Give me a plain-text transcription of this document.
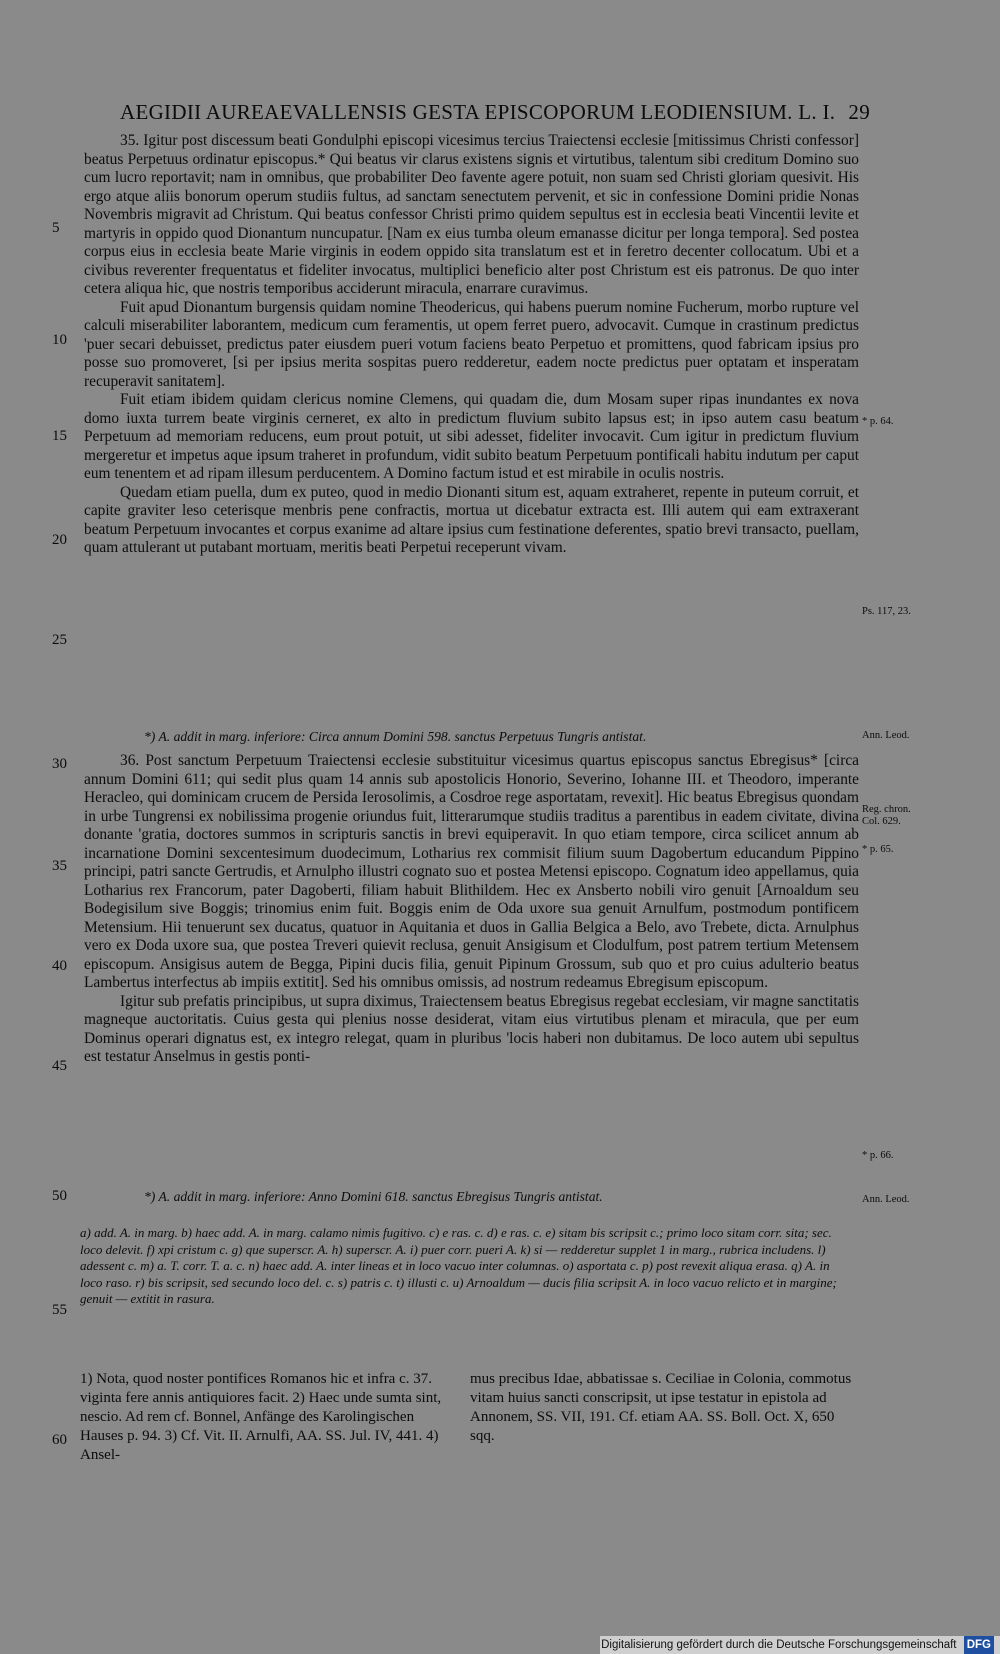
AEGIDII AUREAEVALLENSIS GESTA EPISCOPORUM LEODIENSIUM. L. I. 29

35. Igitur post discessum beati Gondulphi episcopi vicesimus tercius Traiectensi ecclesie [mitissimus Christi confessor] beatus Perpetuus ordinatur episcopus.* Qui beatus vir clarus existens signis et virtutibus, talentum sibi creditum Domino suo cum lucro reportavit; nam in omnibus, que probabiliter Deo favente agere potuit, non suam sed Christi gloriam quesivit. His ergo atque aliis bonorum operum studiis fultus, ad sanctam senectutem pervenit, et sic in confessione Domini pridie Nonas Novembris migravit ad Christum. Qui beatus confessor Christi primo quidem sepultus est in ecclesia beati Vincentii levite et martyris in oppido quod Dionantum nuncupatur. [Nam ex eius tumba oleum emanasse dicitur per longa tempora]. Sed postea corpus eius in ecclesia beate Marie virginis in eodem oppido sita translatum est et in feretro decenter collocatum. Ubi et a civibus reverenter frequentatus et fideliter invocatus, multiplici beneficio alter post Christum est eis patronus. De quo inter cetera aliqua hic, que nostris temporibus acciderunt miracula, enarrare curavimus.

Fuit apud Dionantum burgensis quidam nomine Theodericus, qui habens puerum nomine Fucherum, morbo rupture vel calculi miserabiliter laborantem, medicum cum feramentis, ut opem ferret puero, advocavit. Cumque in crastinum predictus 'puer secari debuisset, predictus pater eiusdem pueri votum faciens beato Perpetuo et promittens, quod fabricam ipsius pro posse suo promoveret, [si per ipsius merita sospitas puero redderetur, eadem nocte predictus puer optatam et insperatam recuperavit sanitatem].

Fuit etiam ibidem quidam clericus nomine Clemens, qui quadam die, dum Mosam super ripas inundantes ex nova domo iuxta turrem beate virginis cerneret, ex alto in predictum fluvium subito lapsus est; in ipso autem casu beatum Perpetuum ad memoriam reducens, eum prout potuit, ut sibi adesset, fideliter invocavit. Cum igitur in predictum fluvium mergeretur et impetus aque ipsum traheret in profundum, vidit subito beatum Perpetuum pontificali habitu indutum per caput eum tenentem et ad ripam illesum perducentem. A Domino factum istud et est mirabile in oculis nostris.

Quedam etiam puella, dum ex puteo, quod in medio Dionanti situm est, aquam extraheret, repente in puteum corruit, et capite graviter leso ceterisque menbris pene confractis, mortua ut dicebatur extracta est. Illi autem qui eam extraxerant beatum Perpetuum invocantes et corpus exanime ad altare ipsius cum festinatione deferentes, spatio brevi transacto, puellam, quam attulerant ut putabant mortuam, meritis beati Perpetui receperunt vivam.

*) A. addit in marg. inferiore: Circa annum Domini 598. sanctus Perpetuus Tungris antistat.

36. Post sanctum Perpetuum Traiectensi ecclesie substituitur vicesimus quartus episcopus sanctus Ebregisus* [circa annum Domini 611; qui sedit plus quam 14 annis sub apostolicis Honorio, Severino, Iohanne III. et Theodoro, imperante Heracleo, qui dominicam crucem de Persida Ierosolimis, a Cosdroe rege asportatam, revexit]. Hic beatus Ebregisus quondam in urbe Tungrensi ex nobilissima progenie oriundus fuit, litterarumque studiis traditus a parentibus in eadem civitate, divina donante 'gratia, doctores summos in scripturis sanctis in brevi equiperavit. In quo etiam tempore, circa scilicet annum ab incarnatione Domini sexcentesimum duodecimum, Lotharius rex commisit filium suum Dagobertum educandum Pippino principi, patri sancte Gertrudis, et Arnulpho illustri cognato suo et postea Metensi episcopo. Cognatum ideo appellamus, quia Lotharius rex Francorum, pater Dagoberti, filiam habuit Blithildem. Hec ex Ansberto nobili viro genuit [Arnoaldum seu Bodegisilum sive Boggis; trinomius enim fuit. Boggis enim de Oda uxore sua genuit Arnulfum, postmodum pontificem Metensium. Hii tenuerunt sex ducatus, quatuor in Aquitania et duos in Gallia Belgica a Belo, avo Trebete, dicta. Arnulphus vero ex Doda uxore sua, que postea Treveri quievit reclusa, genuit Ansigisum et Clodulfum, post patrem tertium Metensem episcopum. Ansigisus autem de Begga, Pipini ducis filia, genuit Pipinum Grossum, sub quo et pro cuius adulterio beatus Lambertus interfectus ab impiis extitit]. Sed his omnibus omissis, ad nostrum redeamus Ebregisum episcopum.

Igitur sub prefatis principibus, ut supra diximus, Traiectensem beatus Ebregisus regebat ecclesiam, vir magne sanctitatis magneque auctoritatis. Cuius gesta qui plenius nosse desiderat, vitam eius virtutibus plenam et miracula, que per eum Dominus operari dignatus est, ex integro relegat, quam in pluribus 'locis haberi non dubitamus. De loco autem ubi sepultus est testatur Anselmus in gestis ponti-

*) A. addit in marg. inferiore: Anno Domini 618. sanctus Ebregisus Tungris antistat.
a) add. A. in marg. b) haec add. A. in marg. calamo nimis fugitivo. c) e ras. c. d) e ras. c. e) sitam bis scripsit c.; primo loco sitam corr. sita; sec. loco delevit. f) xpi cristum c. g) que superscr. A. h) superscr. A. i) puer corr. pueri A. k) si — redderetur supplet 1 in marg., rubrica includens. l) adessent c. m) a. T. corr. T. a. c. n) haec add. A. inter lineas et in loco vacuo inter columnas. o) asportata c. p) post revexit aliqua erasa. q) A. in loco raso. r) bis scripsit, sed secundo loco del. c. s) patris c. t) illusti c. u) Arnoaldum — ducis filia scripsit A. in loco vacuo relicto et in margine; genuit — extitit in rasura.
1) Nota, quod noster pontifices Romanos hic et infra c. 37. viginta fere annis antiquiores facit. 2) Haec unde sumta sint, nescio. Ad rem cf. Bonnel, Anfänge des Karolingischen Hauses p. 94. 3) Cf. Vit. II. Arnulfi, AA. SS. Jul. IV, 441. 4) Ansel-
mus precibus Idae, abbatissae s. Ceciliae in Colonia, commotus vitam huius sancti conscripsit, ut ipse testatur in epistola ad Annonem, SS. VII, 191. Cf. etiam AA. SS. Boll. Oct. X, 650 sqq.
5
10
15
20
25
30
35
40
45
50
55
60
* p. 64.
Ps. 117, 23.
Ann. Leod.
Reg. chron. Col. 629.
* p. 65.
* p. 66.
Ann. Leod.
Digitalisierung gefördert durch die Deutsche Forschungsgemeinschaft DFG
